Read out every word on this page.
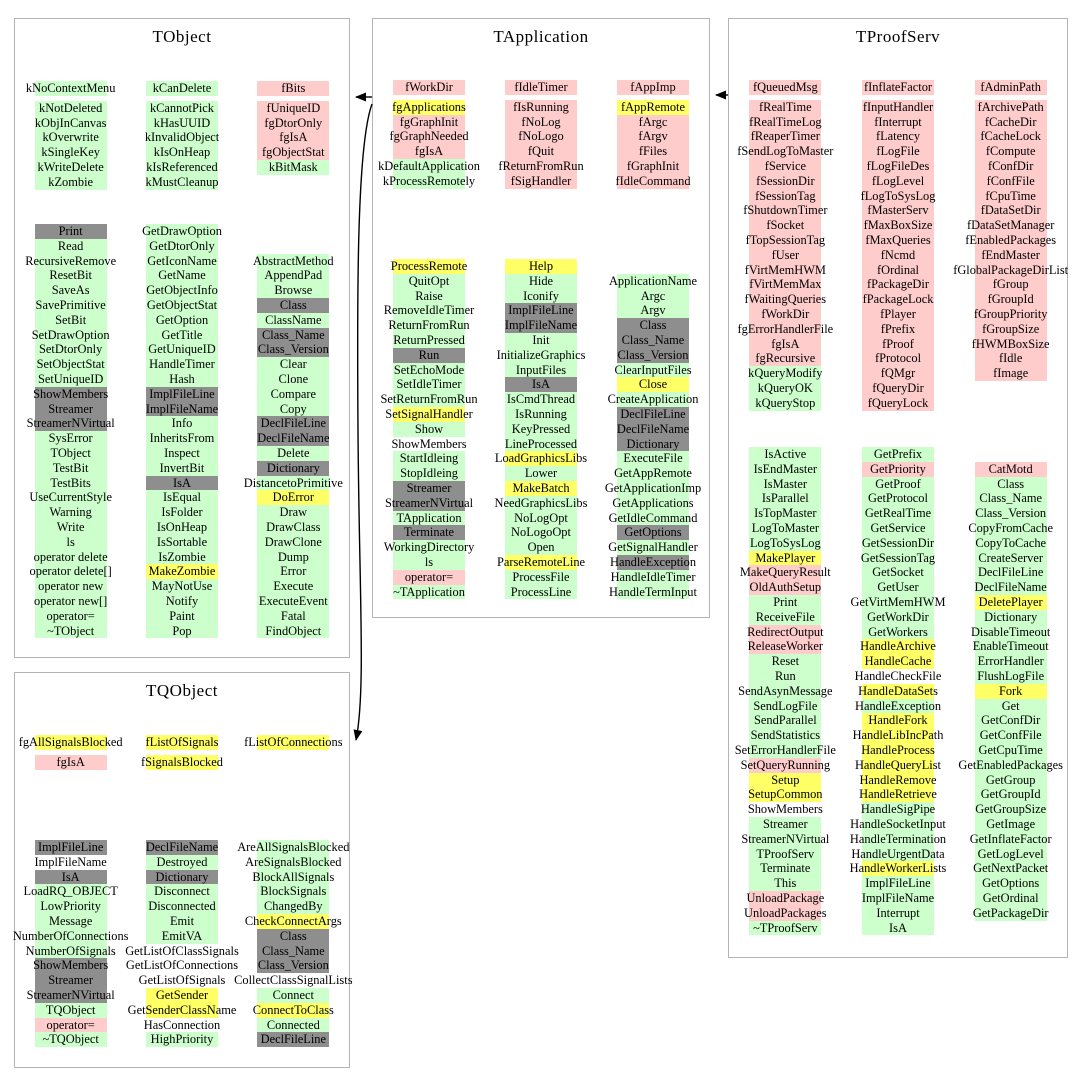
TObject
kNoContextMenu
kNotDeleted
kObjInCanvas
kOverwrite
kSingleKey
kWriteDelete
kZombie
kCanDelete
kCannotPick
kHasUUID
kInvalidObject
kIsOnHeap
kIsReferenced
kMustCleanup
fBits
fUniqueID
fgDtorOnly
fgIsA
fgObjectStat
kBitMask
Print
Read
RecursiveRemove
ResetBit
SaveAs
SavePrimitive
SetBit
SetDrawOption
SetDtorOnly
SetObjectStat
SetUniqueID
ShowMembers
Streamer
StreamerNVirtual
SysError
TObject
TestBit
TestBits
UseCurrentStyle
Warning
Write
ls
operator delete
operator delete[]
operator new
operator new[]
operator=
~TObject
GetDrawOption
GetDtorOnly
GetIconName
GetName
GetObjectInfo
GetObjectStat
GetOption
GetTitle
GetUniqueID
HandleTimer
Hash
ImplFileLine
ImplFileName
Info
InheritsFrom
Inspect
InvertBit
IsA
IsEqual
IsFolder
IsOnHeap
IsSortable
IsZombie
MakeZombie
MayNotUse
Notify
Paint
Pop
AbstractMethod
AppendPad
Browse
Class
ClassName
Class_Name
Class_Version
Clear
Clone
Compare
Copy
DeclFileLine
DeclFileName
Delete
Dictionary
DistancetoPrimitive
DoError
Draw
DrawClass
DrawClone
Dump
Error
Execute
ExecuteEvent
Fatal
FindObject
TApplication
fWorkDir
fgApplications
fgGraphInit
fgGraphNeeded
fgIsA
kDefaultApplication
kProcessRemotely
fIdleTimer
fIsRunning
fNoLog
fNoLogo
fQuit
fReturnFromRun
fSigHandler
fAppImp
fAppRemote
fArgc
fArgv
fFiles
fGraphInit
fIdleCommand
ProcessRemote
QuitOpt
Raise
RemoveIdleTimer
ReturnFromRun
ReturnPressed
Run
SetEchoMode
SetIdleTimer
SetReturnFromRun
SetSignalHandler
Show
ShowMembers
StartIdleing
StopIdleing
Streamer
StreamerNVirtual
TApplication
Terminate
WorkingDirectory
ls
operator=
~TApplication
Help
Hide
Iconify
ImplFileLine
ImplFileName
Init
InitializeGraphics
InputFiles
IsA
IsCmdThread
IsRunning
KeyPressed
LineProcessed
LoadGraphicsLibs
Lower
MakeBatch
NeedGraphicsLibs
NoLogOpt
NoLogoOpt
Open
ParseRemoteLine
ProcessFile
ProcessLine
ApplicationName
Argc
Argv
Class
Class_Name
Class_Version
ClearInputFiles
Close
CreateApplication
DeclFileLine
DeclFileName
Dictionary
ExecuteFile
GetAppRemote
GetApplicationImp
GetApplications
GetIdleCommand
GetOptions
GetSignalHandler
HandleException
HandleIdleTimer
HandleTermInput
TProofServ
fQueuedMsg
fRealTime
fRealTimeLog
fReaperTimer
fSendLogToMaster
fService
fSessionDir
fSessionTag
fShutdownTimer
fSocket
fTopSessionTag
fUser
fVirtMemHWM
fVirtMemMax
fWaitingQueries
fWorkDir
fgErrorHandlerFile
fgIsA
fgRecursive
kQueryModify
kQueryOK
kQueryStop
fInflateFactor
fInputHandler
fInterrupt
fLatency
fLogFile
fLogFileDes
fLogLevel
fLogToSysLog
fMasterServ
fMaxBoxSize
fMaxQueries
fNcmd
fOrdinal
fPackageDir
fPackageLock
fPlayer
fPrefix
fProof
fProtocol
fQMgr
fQueryDir
fQueryLock
fAdminPath
fArchivePath
fCacheDir
fCacheLock
fCompute
fConfDir
fConfFile
fCpuTime
fDataSetDir
fDataSetManager
fEnabledPackages
fEndMaster
fGlobalPackageDirList
fGroup
fGroupId
fGroupPriority
fGroupSize
fHWMBoxSize
fIdle
fImage
IsActive
IsEndMaster
IsMaster
IsParallel
IsTopMaster
LogToMaster
LogToSysLog
MakePlayer
MakeQueryResult
OldAuthSetup
Print
ReceiveFile
RedirectOutput
ReleaseWorker
Reset
Run
SendAsynMessage
SendLogFile
SendParallel
SendStatistics
SetErrorHandlerFile
SetQueryRunning
Setup
SetupCommon
ShowMembers
Streamer
StreamerNVirtual
TProofServ
Terminate
This
UnloadPackage
UnloadPackages
~TProofServ
GetPrefix
GetPriority
GetProof
GetProtocol
GetRealTime
GetService
GetSessionDir
GetSessionTag
GetSocket
GetUser
GetVirtMemHWM
GetWorkDir
GetWorkers
HandleArchive
HandleCache
HandleCheckFile
HandleDataSets
HandleException
HandleFork
HandleLibIncPath
HandleProcess
HandleQueryList
HandleRemove
HandleRetrieve
HandleSigPipe
HandleSocketInput
HandleTermination
HandleUrgentData
HandleWorkerLists
ImplFileLine
ImplFileName
Interrupt
IsA
CatMotd
Class
Class_Name
Class_Version
CopyFromCache
CopyToCache
CreateServer
DeclFileLine
DeclFileName
DeletePlayer
Dictionary
DisableTimeout
EnableTimeout
ErrorHandler
FlushLogFile
Fork
Get
GetConfDir
GetConfFile
GetCpuTime
GetEnabledPackages
GetGroup
GetGroupId
GetGroupSize
GetImage
GetInflateFactor
GetLogLevel
GetNextPacket
GetOptions
GetOrdinal
GetPackageDir
TQObject
fgAllSignalsBlocked
fgIsA
fListOfSignals
fSignalsBlocked
fListOfConnections
ImplFileLine
ImplFileName
IsA
LoadRQ_OBJECT
LowPriority
Message
NumberOfConnections
NumberOfSignals
ShowMembers
Streamer
StreamerNVirtual
TQObject
operator=
~TQObject
DeclFileName
Destroyed
Dictionary
Disconnect
Disconnected
Emit
EmitVA
GetListOfClassSignals
GetListOfConnections
GetListOfSignals
GetSender
GetSenderClassName
HasConnection
HighPriority
AreAllSignalsBlocked
AreSignalsBlocked
BlockAllSignals
BlockSignals
ChangedBy
CheckConnectArgs
Class
Class_Name
Class_Version
CollectClassSignalLists
Connect
ConnectToClass
Connected
DeclFileLine
